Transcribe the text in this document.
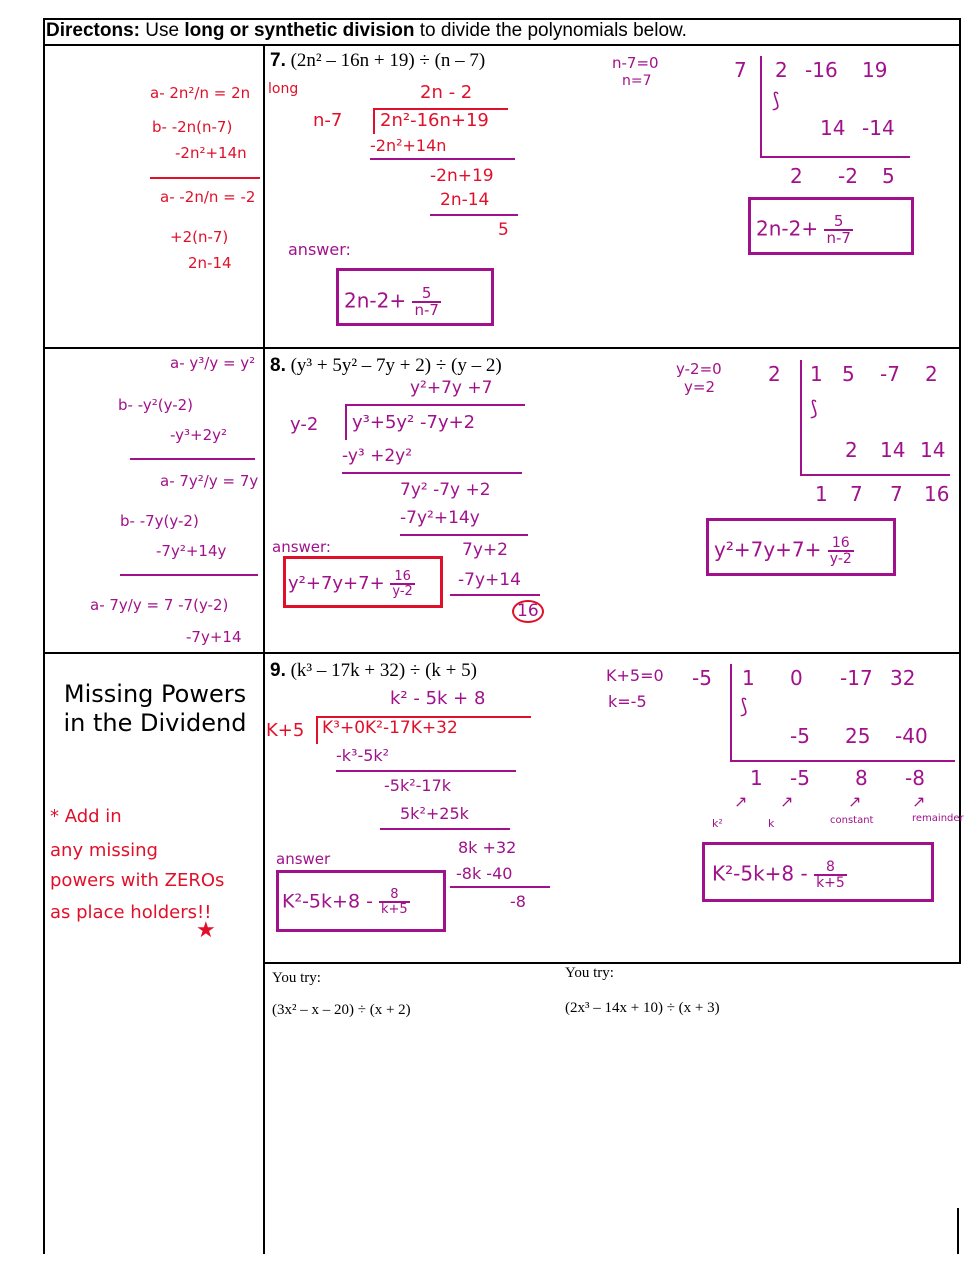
Directons: Use long or synthetic division to divide the polynomials below.
7. (2n² – 16n + 19) ÷ (n – 7)
a- 2n²/n = 2n
b- -2n(n-7)
-2n²+14n
a- -2n/n = -2
+2(n-7)
2n-14
long	2n - 2
n-7 2n²-16n+19
-2n²+14n
-2n+19
2n-14
5
answer:
$2n-2+ \frac{5}{n-7}$
n-7=0
n=7	7 2 -16 19
⟆
14 -14
2 -2 5
$2n-2+ \frac{5}{n-7}$
8. (y³ + 5y² – 7y + 2) ÷ (y – 2)
a- y³/y = y²
b- -y²(y-2)
-y³+2y²
a- 7y²/y = 7y
b- -7y(y-2)
-7y²+14y
a- 7y/y = 7 -7(y-2)
-7y+14
y²+7y +7
y-2 y³+5y² -7y+2
-y³ +2y²
7y² -7y +2
-7y²+14y
7y+2
-7y+14
16
answer:
$y^2+7y+7+ \frac{16}{y-2}$
y-2=0
y=2
2 1 5 -7 2
⟆
2 14 14
1 7 7 16
$y^2+7y+7+ \frac{16}{y-2}$
Missing Powers in the Dividend
* Add in
any missing
powers with ZEROs
as place holders!!
★
9. (k³ – 17k + 32) ÷ (k + 5)
k² - 5k + 8
K+5 K³+0K²-17K+32
-k³-5k²
-5k²-17k
5k²+25k
8k +32
-8k -40
-8
answer
$K^2-5k+8 - \frac{8}{k+5}$
K+5=0
k=-5
-5 1 0 -17 32
⟆
-5 25 -40
1 -5 8 -8
↗ ↗	↗	↗
k²	k	constant	remainder
$K^2-5k+8 - \frac{8}{k+5}$
You try:
(3x² – x – 20) ÷ (x + 2)
You try:
(2x³ – 14x + 10) ÷ (x + 3)
